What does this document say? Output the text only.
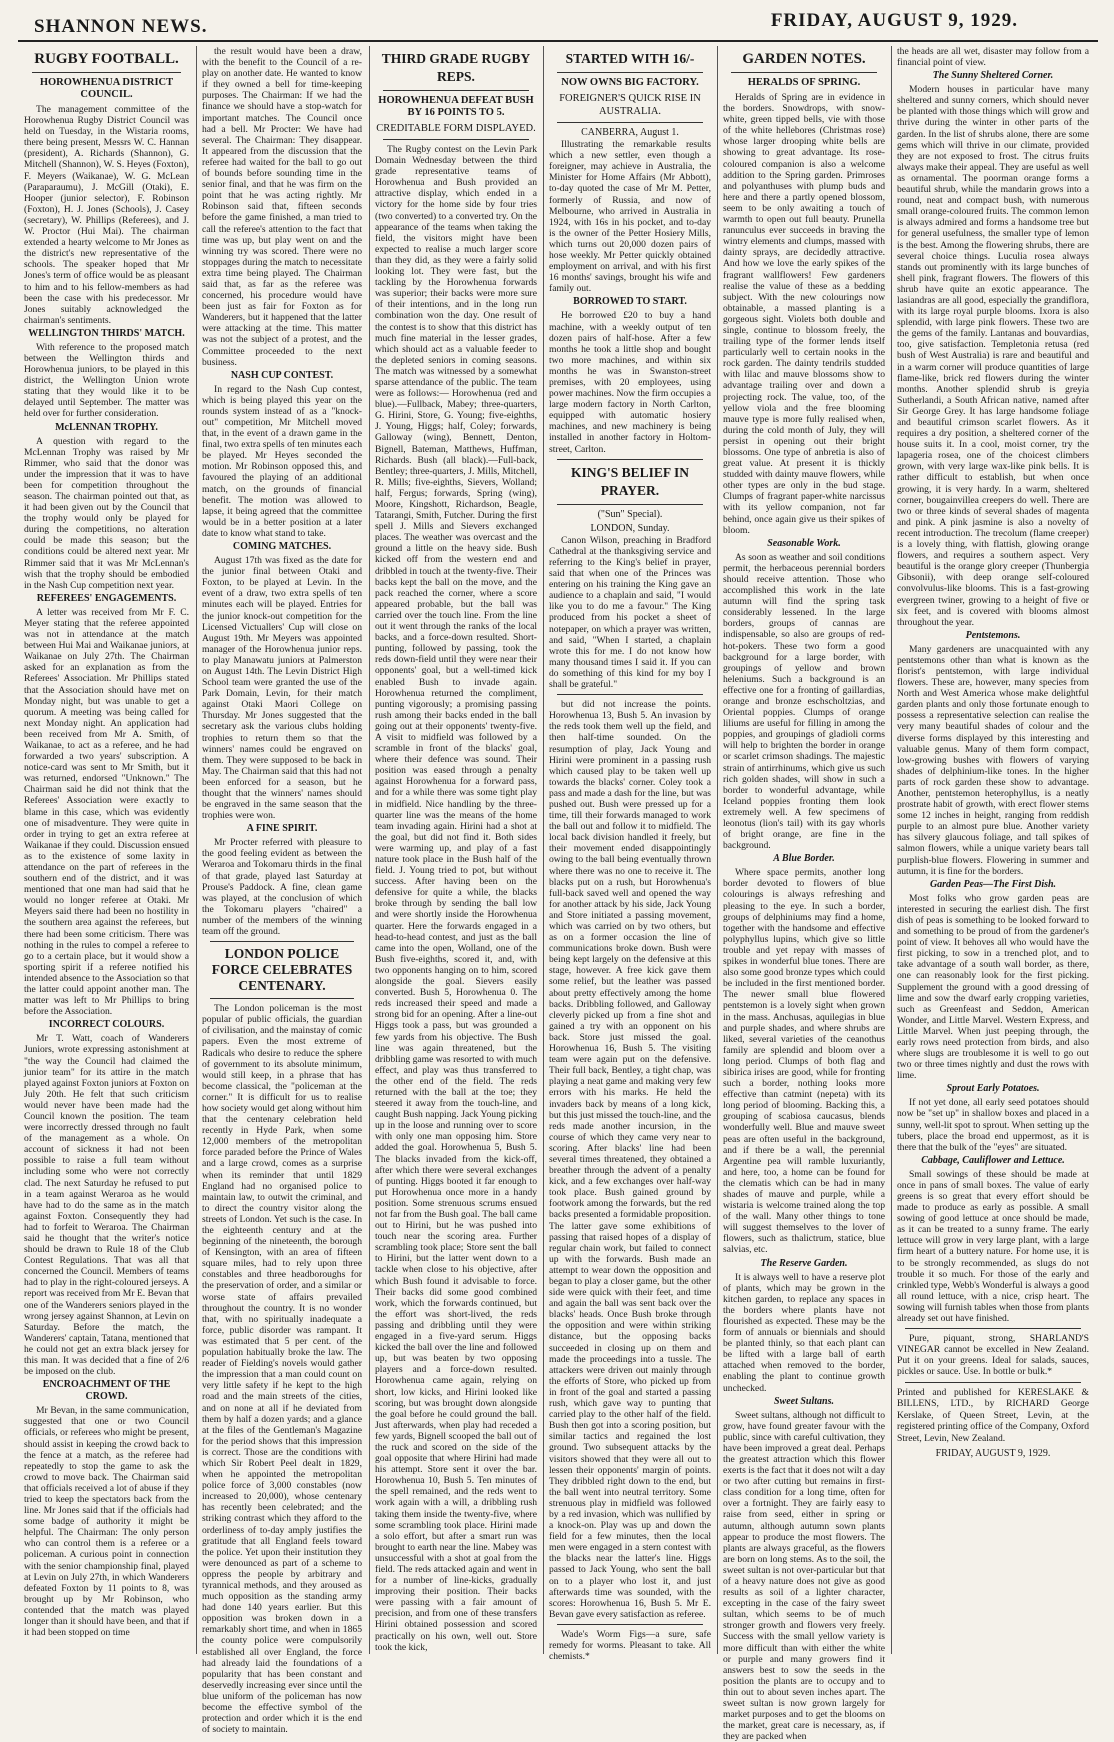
SHANNON NEWS.	FRIDAY, AUGUST 9, 1929.
RUGBY FOOTBALL.
HOROWHENUA DISTRICT COUNCIL.

The management committee of the Horowhenua Rugby District Council was held on Tuesday, in the Wistaria rooms, there being present, Messrs W. C. Hannan (president), A. Richards (Shannon), G. Mitchell (Shannon), W. S. Heyes (Foxton), F. Meyers (Waikanae), W. G. McLean (Paraparaumu), J. McGill (Otaki), E. Hooper (junior selector), F. Robinson (Foxton), H. J. Jones (Schools), J. Casey (secretary), W. Phillips (Referees), and J. W. Proctor (Hui Mai). The chairman extended a hearty welcome to Mr Jones as the district's new representative of the schools. The speaker hoped that Mr Jones's term of office would be as pleasant to him and to his fellow-members as had been the case with his predecessor. Mr Jones suitably acknowledged the chairman's sentiments.

WELLINGTON THIRDS' MATCH.

With reference to the proposed match between the Wellington thirds and Horowhenua juniors, to be played in this district, the Wellington Union wrote stating that they would like it to be delayed until September. The matter was held over for further consideration.

McLENNAN TROPHY.

A question with regard to the McLennan Trophy was raised by Mr Rimmer, who said that the donor was under the impression that it was to have been for competition throughout the season. The chairman pointed out that, as it had been given out by the Council that the trophy would only be played for during the competitions, no alteration could be made this season; but the conditions could be altered next year. Mr Rimmer said that it was Mr McLennan's wish that the trophy should be embodied in the Nash Cup competition next year.

REFEREES' ENGAGEMENTS.

A letter was received from Mr F. C. Meyer stating that the referee appointed was not in attendance at the match between Hui Mai and Waikanae juniors, at Waikanae on July 27th. The Chairman asked for an explanation as from the Referees' Association. Mr Phillips stated that the Association should have met on Monday night, but was unable to get a quorum. A meeting was being called for next Monday night. An application had been received from Mr A. Smith, of Waikanae, to act as a referee, and he had forwarded a two years' subscription. A notice-card was sent to Mr Smith, but it was returned, endorsed "Unknown." The Chairman said he did not think that the Referees' Association were exactly to blame in this case, which was evidently one of misadventure. They were quite in order in trying to get an extra referee at Waikanae if they could. Discussion ensued as to the existence of some laxity in attendance on the part of referees in the southern end of the district, and it was mentioned that one man had said that he would no longer referee at Otaki. Mr Meyers said there had been no hostility in the southern area against the referees, but there had been some criticism. There was nothing in the rules to compel a referee to go to a certain place, but it would show a sporting spirit if a referee notified his intended absence to the Association so that the latter could appoint another man. The matter was left to Mr Phillips to bring before the Association.

INCORRECT COLOURS.

Mr T. Watt, coach of Wanderers Juniors, wrote expressing astonishment at "the way the Council had claimed the junior team" for its attire in the match played against Foxton juniors at Foxton on July 20th. He felt that such criticism would never have been made had the Council known the position. The team were incorrectly dressed through no fault of the management as a whole. On account of sickness it had not been possible to raise a full team without including some who were not correctly clad. The next Saturday he refused to put in a team against Weraroa as he would have had to do the same as in the match against Foxton. Consequently they had had to forfeit to Weraroa. The Chairman said he thought that the writer's notice should be drawn to Rule 18 of the Club Contest Regulations. That was all that concerned the Council. Members of teams had to play in the right-coloured jerseys. A report was received from Mr E. Bevan that one of the Wanderers seniors played in the wrong jersey against Shannon, at Levin on Saturday. Before the match, the Wanderers' captain, Tatana, mentioned that he could not get an extra black jersey for this man. It was decided that a fine of 2/6 be imposed on the club.

ENCROACHMENT OF THE CROWD.

Mr Bevan, in the same communication, suggested that one or two Council officials, or referees who might be present, should assist in keeping the crowd back to the fence at a match, as the referee had repeatedly to stop the game to ask the crowd to move back. The Chairman said that officials received a lot of abuse if they tried to keep the spectators back from the line. Mr Jones said that if the officials had some badge of authority it might be helpful. The Chairman: The only person who can control them is a referee or a policeman. A curious point in connection with the senior championship final, played at Levin on July 27th, in which Wanderers defeated Foxton by 11 points to 8, was brought up by Mr Robinson, who contended that the match was played longer than it should have been, and that if it had been stopped on time

the result would have been a draw, with the benefit to the Council of a re-play on another date. He wanted to know if they owned a bell for time-keeping purposes. The Chairman: If we had the finance we should have a stop-watch for important matches. The Council once had a bell. Mr Procter: We have had several. The Chairman: They disappear. It appeared from the discussion that the referee had waited for the ball to go out of bounds before sounding time in the senior final, and that he was firm on the point that he was acting rightly. Mr Robinson said that, fifteen seconds before the game finished, a man tried to call the referee's attention to the fact that time was up, but play went on and the winning try was scored. There were no stoppages during the match to necessitate extra time being played. The Chairman said that, as far as the referee was concerned, his procedure would have been just as fair for Foxton as for Wanderers, but it happened that the latter were attacking at the time. This matter was not the subject of a protest, and the Committee proceeded to the next business.

NASH CUP CONTEST.

In regard to the Nash Cup contest, which is being played this year on the rounds system instead of as a "knock-out" competition, Mr Mitchell moved that, in the event of a drawn game in the final, two extra spells of ten minutes each be played. Mr Heyes seconded the motion. Mr Robinson opposed this, and favoured the playing of an additional match, on the grounds of financial benefit. The motion was allowed to lapse, it being agreed that the committee would be in a better position at a later date to know what stand to take.

COMING MATCHES.

August 17th was fixed as the date for the junior final between Otaki and Foxton, to be played at Levin. In the event of a draw, two extra spells of ten minutes each will be played. Entries for the junior knock-out competition for the Licensed Victuallers' Cup will close on August 19th. Mr Meyers was appointed manager of the Horowhenua junior reps. to play Manawatu juniors at Palmerston on August 14th. The Levin District High School team were granted the use of the Park Domain, Levin, for their match against Otaki Maori College on Thursday. Mr Jones suggested that the secretary ask the various clubs holding trophies to return them so that the winners' names could be engraved on them. They were supposed to be back in May. The Chairman said that this had not been enforced for a season, but he thought that the winners' names should be engraved in the same season that the trophies were won.

A FINE SPIRIT.

Mr Procter referred with pleasure to the good feeling evident as between the Weraroa and Tokomaru thirds in the final of that grade, played last Saturday at Prouse's Paddock. A fine, clean game was played, at the conclusion of which the Tokomaru players "chaired" a number of the members of the winning team off the ground.

LONDON POLICE FORCE CELEBRATES CENTENARY.

The London policeman is the most popular of public officials, the guardian of civilisation, and the mainstay of comic papers. Even the most extreme of Radicals who desire to reduce the sphere of government to its absolute minimum, would still keep, in a phrase that has become classical, the "policeman at the corner." It is difficult for us to realise how society would get along without him that the centenary celebration held recently in Hyde Park, when some 12,000 members of the metropolitan force paraded before the Prince of Wales and a large crowd, comes as a surprise when its reminder that until 1829 England had no organised police to maintain law, to outwit the criminal, and to direct the country visitor along the streets of London. Yet such is the case. In the eighteenth century and at the beginning of the nineteenth, the borough of Kensington, with an area of fifteen square miles, had to rely upon three constables and three headboroughs for the preservation of order, and a similar or worse state of affairs prevailed throughout the country. It is no wonder that, with no spiritually inadequate a force, public disorder was rampant. It was estimated that 5 per cent. of the population habitually broke the law. The reader of Fielding's novels would gather the impression that a man could count on very little safety if he kept to the high road and the main streets of the cities, and on none at all if he deviated from them by half a dozen yards; and a glance at the files of the Gentleman's Magazine for the period shows that this impression is correct. Those are the conditions with which Sir Robert Peel dealt in 1829, when he appointed the metropolitan police force of 3,000 constables (now increased to 20,000), whose centenary has recently been celebrated; and the striking contrast which they afford to the orderliness of to-day amply justifies the gratitude that all England feels toward the police. Yet upon their institution they were denounced as part of a scheme to oppress the people by arbitrary and tyrannical methods, and they aroused as much opposition as the standing army had done 140 years earlier. But this opposition was broken down in a remarkably short time, and when in 1865 the county police were compulsorily established all over England, the force had already laid the foundations of a popularity that has been constant and deservedly increasing ever since until the blue uniform of the policeman has now become the effective symbol of the protection and order which it is the end of society to maintain.

THIRD GRADE RUGBY REPS.
HOROWHENUA DEFEAT BUSH BY 16 POINTS TO 5.
CREDITABLE FORM DISPLAYED.

The Rugby contest on the Levin Park Domain Wednesday between the third grade representative teams of Horowhenua and Bush provided an attractive display, which ended in a victory for the home side by four tries (two converted) to a converted try. On the appearance of the teams when taking the field, the visitors might have been expected to realise a much larger score than they did, as they were a fairly solid looking lot. They were fast, but the tackling by the Horowhenua forwards was superior; their backs were more sure of their intentions, and in the long run combination won the day. One result of the contest is to show that this district has much fine material in the lesser grades, which should act as a valuable feeder to the depleted seniors in coming seasons. The match was witnessed by a somewhat sparse attendance of the public. The team were as follows:— Horowhenua (red and blue).—Fullback, Mabey; three-quarters, G. Hirini, Store, G. Young; five-eighths, J. Young, Higgs; half, Coley; forwards, Galloway (wing), Bennett, Denton, Bignell, Bateman, Matthews, Huffman, Richards. Bush (all black).—Full-back, Bentley; three-quarters, J. Mills, Mitchell, R. Mills; five-eighths, Sievers, Wolland; half, Fergus; forwards, Spring (wing), Moore, Kingshott, Richardson, Beagle, Tatarangi, Smith, Futcher. During the first spell J. Mills and Sievers exchanged places. The weather was overcast and the ground a little on the heavy side. Bush kicked off from the western end and dribbled in touch at the twenty-five. Their backs kept the ball on the move, and the pack reached the corner, where a score appeared probable, but the ball was carried over the touch line. From the line out it went through the ranks of the local backs, and a force-down resulted. Short-punting, followed by passing, took the reds down-field until they were near their opponents' goal, but a well-timed kick enabled Bush to invade again. Horowhenua returned the compliment, punting vigorously; a promising passing rush among their backs ended in the ball going out at their opponents' twenty-five. A visit to midfield was followed by a scramble in front of the blacks' goal, where their defence was sound. Their position was eased through a penalty against Horowhenua for a forward pass, and for a while there was some tight play in midfield. Nice handling by the three-quarter line was the means of the home team invading again. Hirini had a shot at the goal, but did not find it. Both sides were warming up, and play of a fast nature took place in the Bush half of the field. J. Young tried to pot, but without success. After having been on the defensive for quite a while, the blacks broke through by sending the ball low and were shortly inside the Horowhenua quarter. Here the forwards engaged in a head-to-head contest, and just as the ball came into the open, Wolland, one of the Bush five-eighths, scored it, and, with two opponents hanging on to him, scored alongside the goal. Sievers easily converted. Bush 5, Horowhenua 0. The reds increased their speed and made a strong bid for an opening. After a line-out Higgs took a pass, but was grounded a few yards from his objective. The Bush line was again threatened, but the dribbling game was resorted to with much effect, and play was thus transferred to the other end of the field. The reds returned with the ball at the toe; they steered it away from the touch-line, and caught Bush napping. Jack Young picking up in the loose and running over to score with only one man opposing him. Store added the goal. Horowhenua 5, Bush 5. The blacks invaded from the kick-off, after which there were several exchanges of punting. Higgs booted it far enough to put Horowhenua once more in a handy position. Some strenuous scrums ensued not far from the Bush goal. The ball came out to Hirini, but he was pushed into touch near the scoring area. Further scrambling took place; Store sent the ball to Hirini, but the latter went down to a tackle when close to his objective, after which Bush found it advisable to force. Their backs did some good combined work, which the forwards continued, but the effort was short-lived, the reds passing and dribbling until they were engaged in a five-yard serum. Higgs kicked the ball over the line and followed up, but was beaten by two opposing players and a force-down resulted. Horowhenua came again, relying on short, low kicks, and Hirini looked like scoring, but was brought down alongside the goal before he could ground the ball. Just afterwards, when play had receded a few yards, Bignell scooped the ball out of the ruck and scored on the side of the goal opposite that where Hirini had made his attempt. Store sent it over the bar. Horowhenua 10, Bush 5. Ten minutes of the spell remained, and the reds went to work again with a will, a dribbling rush taking them inside the twenty-five, where some scrambling took place. Hirini made a solo effort, but after a smart run was brought to earth near the line. Mabey was unsuccessful with a shot at goal from the field. The reds attacked again and went in for a number of line-kicks, gradually improving their position. Their backs were passing with a fair amount of precision, and from one of these transfers Hirini obtained possession and scored practically on his own, well out. Store took the kick,

STARTED WITH 16/-
NOW OWNS BIG FACTORY.
FOREIGNER'S QUICK RISE IN AUSTRALIA.
CANBERRA, August 1.

Illustrating the remarkable results which a new settler, even though a foreigner, may achieve in Australia, the Minister for Home Affairs (Mr Abbott), to-day quoted the case of Mr M. Petter, formerly of Russia, and now of Melbourne, who arrived in Australia in 1924, with 16s in his pocket, and to-day is the owner of the Petter Hosiery Mills, which turns out 20,000 dozen pairs of hose weekly. Mr Petter quickly obtained employment on arrival, and with his first 16 months' savings, brought his wife and family out.

BORROWED TO START.

He borrowed £20 to buy a hand machine, with a weekly output of ten dozen pairs of half-hose. After a few months he took a little shop and bought two more machines, and within six months he was in Swanston-street premises, with 20 employees, using power machines. Now the firm occupies a large modern factory in North Carlton, equipped with automatic hosiery machines, and new machinery is being installed in another factory in Holtom-street, Carlton.

KING'S BELIEF IN PRAYER.
("Sun" Special).
LONDON, Sunday.

Canon Wilson, preaching in Bradford Cathedral at the thanksgiving service and referring to the King's belief in prayer, said that when one of the Princes was entering on his training the King gave an audience to a chaplain and said, "I would like you to do me a favour." The King produced from his pocket a sheet of notepaper, on which a prayer was written, and said, "When I started, a chaplain wrote this for me. I do not know how many thousand times I said it. If you can do something of this kind for my boy I shall be grateful."

but did not increase the points. Horowhenua 13, Bush 5. An invasion by the reds took them well up the field, and then half-time sounded. On the resumption of play, Jack Young and Hirini were prominent in a passing rush which caused play to be taken well up towards the blacks' corner. Coley took a pass and made a dash for the line, but was pushed out. Bush were pressed up for a time, till their forwards managed to work the ball out and follow it to midfield. The local back division handled it freely, but their movement ended disappointingly owing to the ball being eventually thrown where there was no one to receive it. The blacks put on a rush, but Horowhenua's full-back saved well and opened the way for another attack by his side, Jack Young and Store initiated a passing movement, which was carried on by two others, but as on a former occasion the line of communications broke down. Bush were being kept largely on the defensive at this stage, however. A free kick gave them some relief, but the leather was passed about pretty effectively among the home backs. Dribbling followed, and Galloway cleverly picked up from a fine shot and gained a try with an opponent on his back. Store just missed the goal. Horowhenua 16, Bush 5. The visiting team were again put on the defensive. Their full back, Bentley, a tight chap, was playing a neat game and making very few errors with his marks. He held the invaders back by means of a long kick, but this just missed the touch-line, and the reds made another incursion, in the course of which they came very near to scoring. After blacks' line had been several times threatened, they obtained a breather through the advent of a penalty kick, and a few exchanges over half-way took place. Bush gained ground by footwork among the forwards, but the red backs presented a formidable proposition. The latter gave some exhibitions of passing that raised hopes of a display of regular chain work, but failed to connect up with the forwards. Bush made an attempt to wear down the opposition and began to play a closer game, but the other side were quick with their feet, and time and again the ball was sent back over the blacks' heads. Once Bush broke through the opposition and were within striking distance, but the opposing backs succeeded in closing up on them and made the proceedings into a tussle. The attackers were driven out mainly through the efforts of Store, who picked up from in front of the goal and started a passing rush, which gave way to punting that carried play to the other half of the field. Bush then got into a scoring position, but similar tactics and regained the lost ground. Two subsequent attacks by the visitors showed that they were all out to lessen their opponents' margin of points. They dribbled right down to the end, but the ball went into neutral territory. Some strenuous play in midfield was followed by a red invasion, which was nullified by a knock-on. Play was up and down the field for a few minutes, then the local men were engaged in a stern contest with the blacks near the latter's line. Higgs passed to Jack Young, who sent the ball on to a player who lost it, and just afterwards time was sounded, with the scores: Horowhenua 16, Bush 5. Mr E. Bevan gave every satisfaction as referee.

Wade's Worm Figs—a sure, safe remedy for worms. Pleasant to take. All chemists.*

GARDEN NOTES.
HERALDS OF SPRING.

Heralds of Spring are in evidence in the borders. Snowdrops, with snow-white, green tipped bells, vie with those of the white hellebores (Christmas rose) whose larger drooping white bells are showing to great advantage. Its rose-coloured companion is also a welcome addition to the Spring garden. Primroses and polyanthuses with plump buds and here and there a partly opened blossom, seem to be only awaiting a touch of warmth to open out full beauty. Prunella ranunculus ever succeeds in braving the wintry elements and clumps, massed with dainty sprays, are decidedly attractive. And how we love the early spikes of the fragrant wallflowers! Few gardeners realise the value of these as a bedding subject. With the new colourings now obtainable, a massed planting is a gorgeous sight. Violets both double and single, continue to blossom freely, the trailing type of the former lends itself particularly well to certain nooks in the rock garden. The dainty tendrils studded with lilac and mauve blossoms show to advantage trailing over and down a projecting rock. The value, too, of the yellow viola and the free blooming mauve type is more fully realised when, during the cold month of July, they will persist in opening out their bright blossoms. One type of anbretia is also of great value. At present it is thickly studded with dainty mauve flowers, while other types are only in the bud stage. Clumps of fragrant paper-white narcissus with its yellow companion, not far behind, once again give us their spikes of bloom.

Seasonable Work.

As soon as weather and soil conditions permit, the herbaceous perennial borders should receive attention. Those who accomplished this work in the late autumn will find the spring task considerably lessened. In the large borders, groups of cannas are indispensable, so also are groups of red-hot-pokers. These two form a good background for a large border, with groupings of yellow and brown heleniums. Such a background is an effective one for a fronting of gaillardias, orange and bronze eschscholtzias, and Oriental poppies. Clumps of orange liliums are useful for filling in among the poppies, and groupings of gladioli corms will help to brighten the border in orange or scarlet crimson shadings. The majestic strain of antirrhinums, which give us such rich golden shades, will show in such a border to wonderful advantage, while Iceland poppies fronting them look extremely well. A few specimens of leonotus (lion's tail) with its gay whorls of bright orange, are fine in the background.

A Blue Border.

Where space permits, another long border devoted to flowers of blue colourings is always refreshing and pleasing to the eye. In such a border, groups of delphiniums may find a home, together with the handsome and effective polyphyllus lupins, which give so little trouble and yet repay with masses of spikes in wonderful blue tones. There are also some good bronze types which could be included in the first mentioned border. The newer small blue flowered pentstemon is a lovely sight when grown in the mass. Anchusas, aquilegias in blue and purple shades, and where shrubs are liked, several varieties of the ceanothus family are splendid and bloom over a long period. Clumps of both flag and sibirica irises are good, while for fronting such a border, nothing looks more effective than catmint (nepeta) with its long period of blooming. Backing this, a grouping of scabiosa caucasus, blends wonderfully well. Blue and mauve sweet peas are often useful in the background, and if there be a wall, the perennial Argentine pea will ramble luxuriantly, and here, too, a home can be found for the clematis which can be had in many shades of mauve and purple, while a wistaria is welcome trained along the top of the wall. Many other things to tone will suggest themselves to the lover of flowers, such as thalictrum, statice, blue salvias, etc.

The Reserve Garden.

It is always well to have a reserve plot of plants, which may be grown in the kitchen garden, to replace any spaces in the borders where plants have not flourished as expected. These may be the form of annuals or biennials and should be planted thinly, so that each plant can be lifted with a large ball of earth attached when removed to the border, enabling the plant to continue growth unchecked.

Sweet Sultans.

Sweet sultans, although not difficult to grow, have found greater favour with the public, since with careful cultivation, they have been improved a great deal. Perhaps the greatest attraction which this flower exerts is the fact that it does not wilt a day or two after cutting but remains in first-class condition for a long time, often for over a fortnight. They are fairly easy to raise from seed, either in spring or autumn, although autumn sown plants appear to produce the most flowers. The plants are always graceful, as the flowers are born on long stems. As to the soil, the sweet sultan is not over-particular but that of a heavy nature does not give as good results as soil of a lighter character, excepting in the case of the fairy sweet sultan, which seems to be of much stronger growth and flowers very freely. Success with the small yellow variety is more difficult than with either the white or purple and many growers find it answers best to sow the seeds in the position the plants are to occupy and to thin out to about seven inches apart. The sweet sultan is now grown largely for market purposes and to get the blooms on the market, great care is necessary, as, if they are packed when

the heads are all wet, disaster may follow from a financial point of view.

The Sunny Sheltered Corner.

Modern houses in particular have many sheltered and sunny corners, which should never be planted with those things which will grow and thrive during the winter in other parts of the garden. In the list of shrubs alone, there are some gems which will thrive in our climate, provided they are not exposed to frost. The citrus fruits always make their appeal. They are useful as well as ornamental. The poorman orange forms a beautiful shrub, while the mandarin grows into a round, neat and compact bush, with numerous small orange-coloured fruits. The common lemon is always admired and forms a handsome tree but for general usefulness, the smaller type of lemon is the best. Among the flowering shrubs, there are several choice things. Luculia rosea always stands out prominently with its large bunches of shell pink, fragrant flowers. The flowers of this shrub have quite an exotic appearance. The lasiandras are all good, especially the grandiflora, with its large royal purple blooms. Ixora is also splendid, with large pink flowers. These two are the gems of the family. Lantanas and bouvardias, too, give satisfaction. Templetonia retusa (red bush of West Australia) is rare and beautiful and in a warm corner will produce quantities of large flame-like, brick red flowers during the winter months. Another splendid shrub is greyia Sutherlandi, a South African native, named after Sir George Grey. It has large handsome foliage and beautiful crimson scarlet flowers. As it requires a dry position, a sheltered corner of the house suits it. In a cool, moist corner, try the lapageria rosea, one of the choicest climbers grown, with very large wax-like pink bells. It is rather difficult to establish, but when once growing, it is very hardy. In a warm, sheltered corner, bougainvillea creepers do well. There are two or three kinds of several shades of magenta and pink. A pink jasmine is also a novelty of recent introduction. The trecolum (flame creeper) is a lovely thing, with flattish, glowing orange flowers, and requires a southern aspect. Very beautiful is the orange glory creeper (Thunbergia Gibsonii), with deep orange self-coloured convolvulus-like blooms. This is a fast-growing evergreen twiner, growing to a height of five or six feet, and is covered with blooms almost throughout the year.

Pentstemons.

Many gardeners are unacquainted with any pentstemons other than what is known as the florist's pentstemon, with large individual flowers. These are, however, many species from North and West America whose make delightful garden plants and only those fortunate enough to possess a representative selection can realise the very many beautiful shades of colour and the diverse forms displayed by this interesting and valuable genus. Many of them form compact, low-growing bushes with flowers of varying shades of delphinium-like tones. In the higher parts of rock garden these show to advantage. Another, pentstemon heterophyllus, is a neatly prostrate habit of growth, with erect flower stems some 12 inches in height, ranging from reddish purple to an almost pure blue. Another variety has silvery glaucous foliage, and tall spikes of salmon flowers, while a unique variety bears tall purplish-blue flowers. Flowering in summer and autumn, it is fine for the borders.

Garden Peas—The First Dish.

Most folks who grow garden peas are interested in securing the earliest dish. The first dish of peas is something to be looked forward to and something to be proud of from the gardener's point of view. It behoves all who would have the first picking, to sow in a trenched plot, and to take advantage of a south wall border, as there, one can reasonably look for the first picking. Supplement the ground with a good dressing of lime and sow the dwarf early cropping varieties, such as Greenfeast and Seddon, American Wonder, and Little Marvel. Western Express, and Little Marvel. When just peeping through, the early rows need protection from birds, and also where slugs are troublesome it is well to go out two or three times nightly and dust the rows with lime.

Sprout Early Potatoes.

If not yet done, all early seed potatoes should now be "set up" in shallow boxes and placed in a sunny, well-lit spot to sprout. When setting up the tubers, place the broad end uppermost, as it is there that the bulk of the "eyes" are situated.

Cabbage, Cauliflower and Lettuce.

Small sowings of these should be made at once in pans of small boxes. The value of early greens is so great that every effort should be made to produce as early as possible. A small sowing of good lettuce at once should be made, as it can be treated to a sunny frame. The early lettuce will grow in very large plant, with a large firm heart of a buttery nature. For home use, it is to be strongly recommended, as slugs do not trouble it so much. For those of the early and crinkled type, Webb's Wonderful is always a good all round lettuce, with a nice, crisp heart. The sowing will furnish tables when those from plants already set out have finished.

Pure, piquant, strong, SHARLAND'S VINEGAR cannot be excelled in New Zealand. Put it on your greens. Ideal for salads, sauces, pickles or sauce. Use. In bottle or bulk.*

Printed and published for KERESLAKE & BILLENS, LTD., by RICHARD George Kerslake, of Queen Street, Levin, at the registered printing office of the Company, Oxford Street, Levin, New Zealand.

FRIDAY, AUGUST 9, 1929.
